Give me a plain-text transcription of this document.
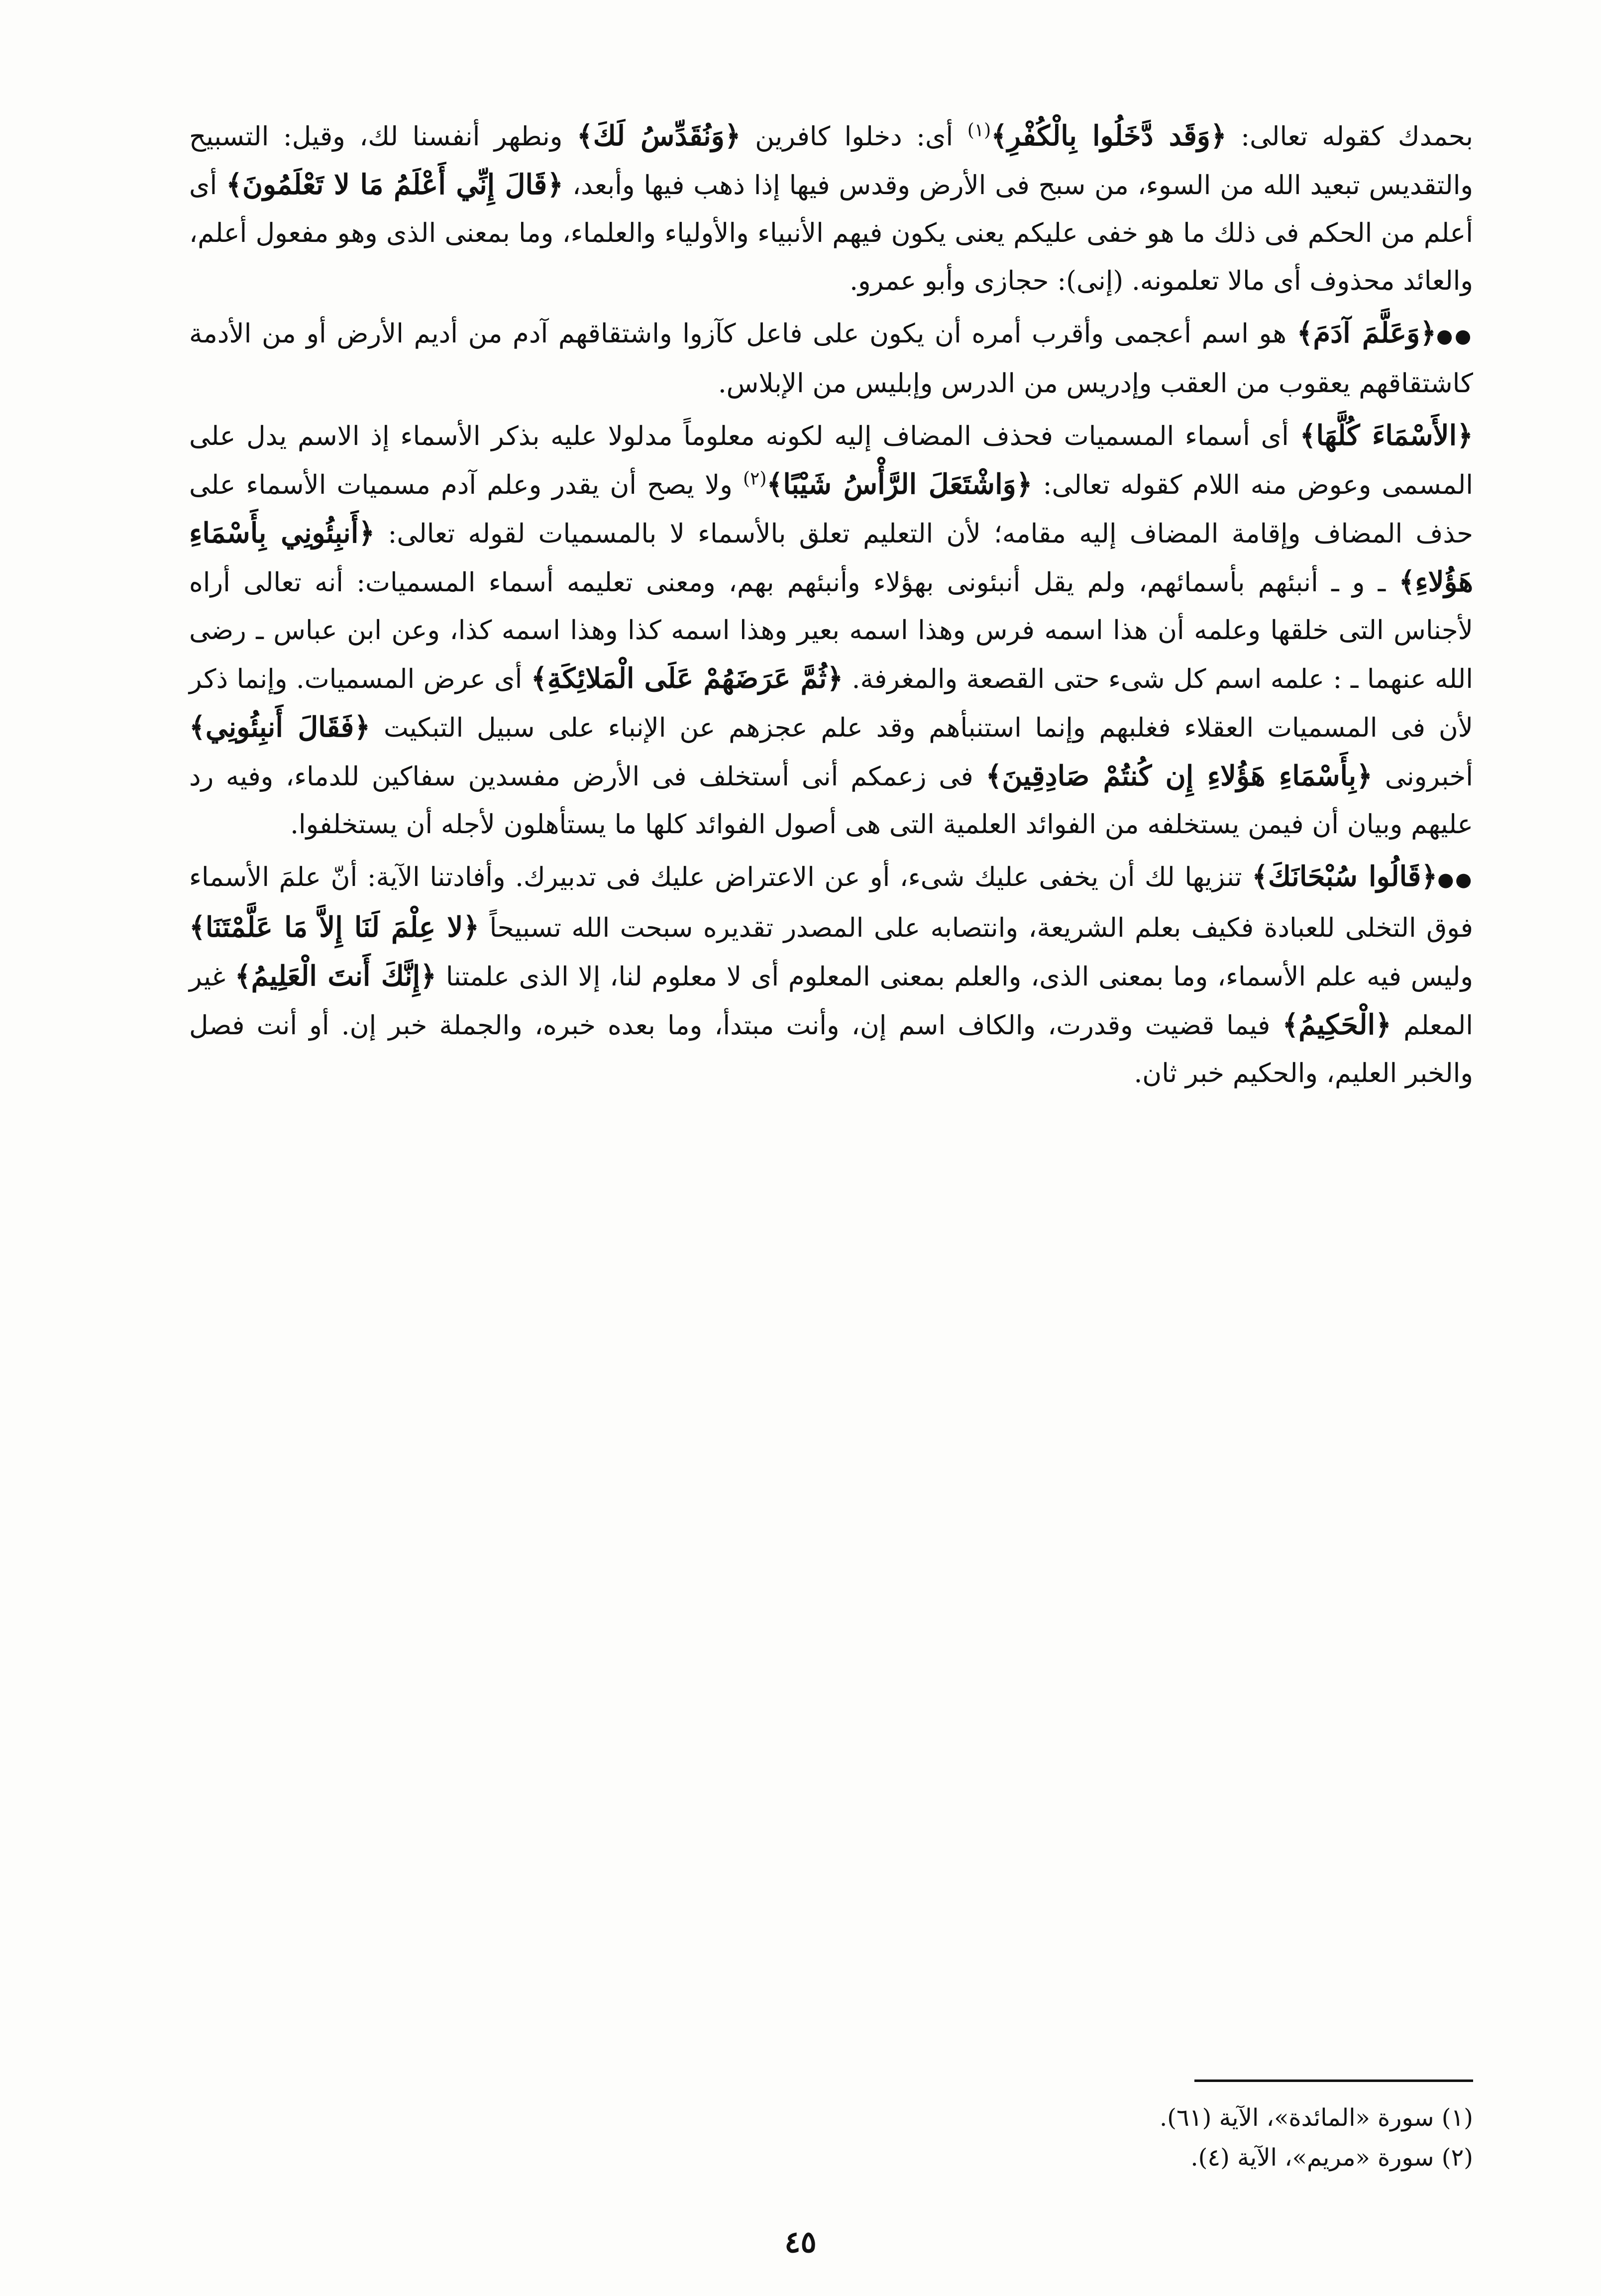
بحمدك كقوله تعالى: ﴿وَقَد دَّخَلُوا بِالْكُفْرِ﴾$^{(١)}$ أى: دخلوا كافرين ﴿وَنُقَدِّسُ لَكَ﴾ ونطهر أنفسنا لك، وقيل: التسبيح والتقديس تبعيد الله من السوء، من سبح فى الأرض وقدس فيها إذا ذهب فيها وأبعد، ﴿قَالَ إِنِّي أَعْلَمُ مَا لا تَعْلَمُونَ﴾ أى أعلم من الحكم فى ذلك ما هو خفى عليكم يعنى يكون فيهم الأنبياء والأولياء والعلماء، وما بمعنى الذى وهو مفعول أعلم، والعائد محذوف أى مالا تعلمونه. (إنى): حجازى وأبو عمرو.

●●﴿وَعَلَّمَ آدَمَ﴾ هو اسم أعجمى وأقرب أمره أن يكون على فاعل كآزوا واشتقاقهم آدم من أديم الأرض أو من الأدمة كاشتقاقهم يعقوب من العقب وإدريس من الدرس وإبليس من الإبلاس.

﴿الأَسْمَاءَ كُلَّهَا﴾ أى أسماء المسميات فحذف المضاف إليه لكونه معلوماً مدلولا عليه بذكر الأسماء إذ الاسم يدل على المسمى وعوض منه اللام كقوله تعالى: ﴿وَاشْتَعَلَ الرَّأْسُ شَيْبًا﴾$^{(٢)}$ ولا يصح أن يقدر وعلم آدم مسميات الأسماء على حذف المضاف وإقامة المضاف إليه مقامه؛ لأن التعليم تعلق بالأسماء لا بالمسميات لقوله تعالى: ﴿أَنبِئُونِي بِأَسْمَاءِ هَؤُلاءِ﴾ ـ و ـ أنبئهم بأسمائهم، ولم يقل أنبئونى بهؤلاء وأنبئهم بهم، ومعنى تعليمه أسماء المسميات: أنه تعالى أراه لأجناس التى خلقها وعلمه أن هذا اسمه فرس وهذا اسمه بعير وهذا اسمه كذا وهذا اسمه كذا، وعن ابن عباس ـ رضى الله عنهما ـ : علمه اسم كل شىء حتى القصعة والمغرفة. ﴿ثُمَّ عَرَضَهُمْ عَلَى الْمَلائِكَةِ﴾ أى عرض المسميات. وإنما ذكر لأن فى المسميات العقلاء فغلبهم وإنما استنبأهم وقد علم عجزهم عن الإنباء على سبيل التبكيت ﴿فَقَالَ أَنبِئُونِي﴾ أخبرونى ﴿بِأَسْمَاءِ هَؤُلاءِ إِن كُنتُمْ صَادِقِينَ﴾ فى زعمكم أنى أستخلف فى الأرض مفسدين سفاكين للدماء، وفيه رد عليهم وبيان أن فيمن يستخلفه من الفوائد العلمية التى هى أصول الفوائد كلها ما يستأهلون لأجله أن يستخلفوا.

●●﴿قَالُوا سُبْحَانَكَ﴾ تنزيها لك أن يخفى عليك شىء، أو عن الاعتراض عليك فى تدبيرك. وأفادتنا الآية: أنّ علمَ الأسماء فوق التخلى للعبادة فكيف بعلم الشريعة، وانتصابه على المصدر تقديره سبحت الله تسبيحاً ﴿لا عِلْمَ لَنَا إِلاَّ مَا عَلَّمْتَنَا﴾ وليس فيه علم الأسماء، وما بمعنى الذى، والعلم بمعنى المعلوم أى لا معلوم لنا، إلا الذى علمتنا ﴿إِنَّكَ أَنتَ الْعَلِيمُ﴾ غير المعلم ﴿الْحَكِيمُ﴾ فيما قضيت وقدرت، والكاف اسم إن، وأنت مبتدأ، وما بعده خبره، والجملة خبر إن. أو أنت فصل والخبر العليم، والحكيم خبر ثان.

(١) سورة «المائدة»، الآية (٦١).

(٢) سورة «مريم»، الآية (٤).

٤٥
